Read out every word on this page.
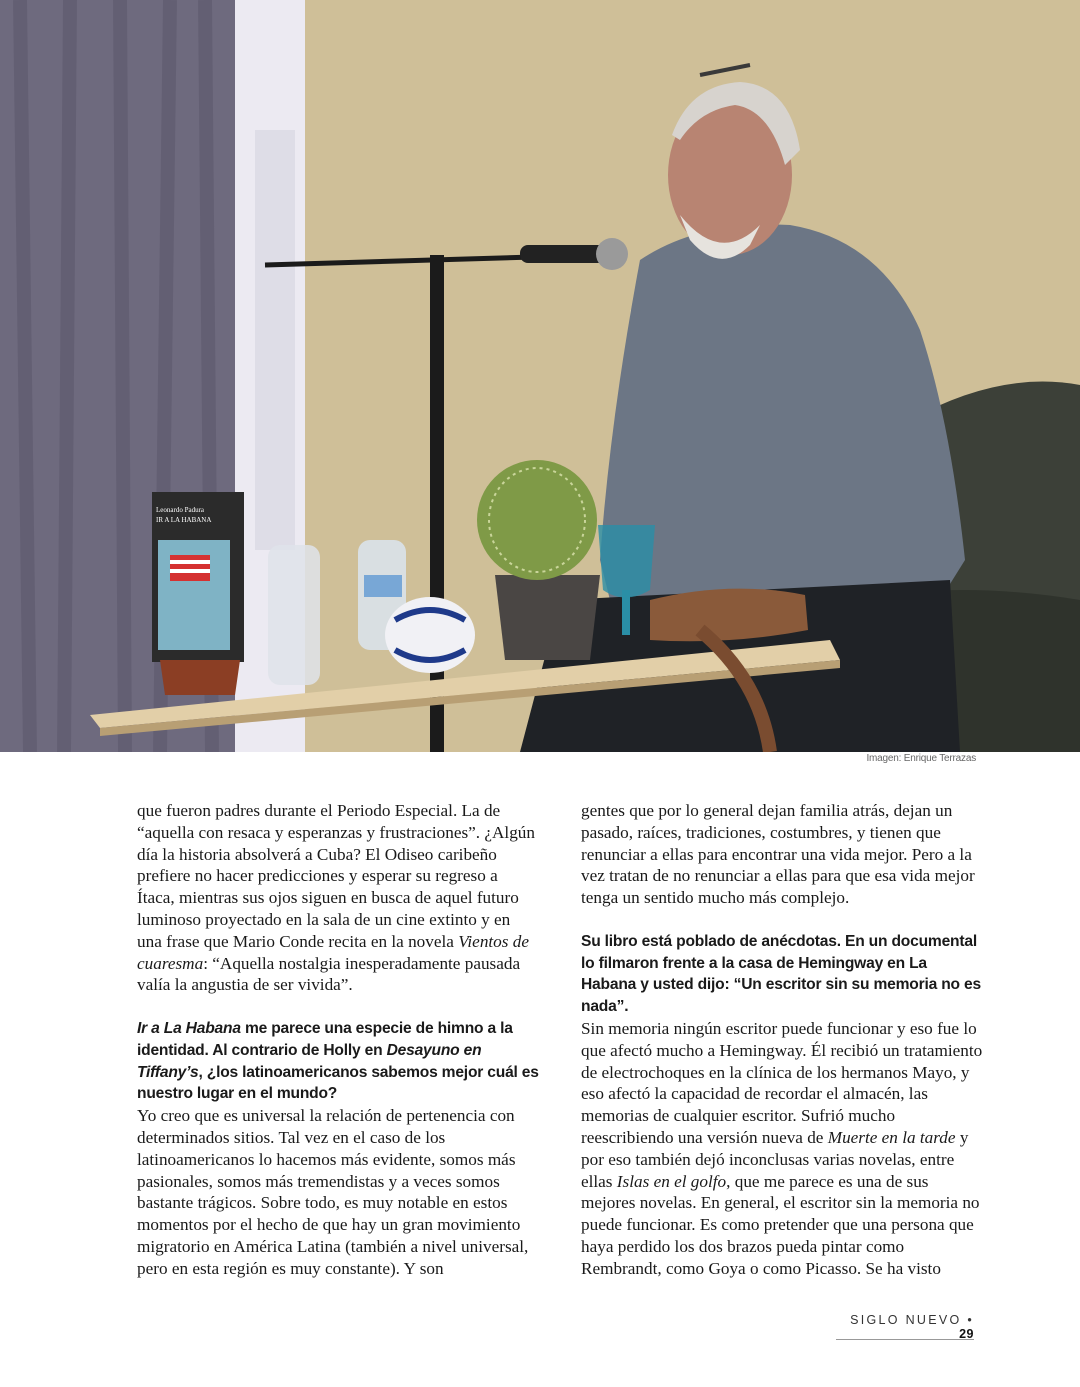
Leonardo Padura
IR A LA HABANA
Imagen: Enrique Terrazas

que fueron padres durante el Periodo Especial. La de “aquella con resaca y esperanzas y frustraciones”. ¿Algún día la historia absolverá a Cuba? El Odiseo caribeño prefiere no hacer predicciones y esperar su regreso a Ítaca, mientras sus ojos siguen en busca de aquel futuro luminoso proyectado en la sala de un cine extinto y en una frase que Mario Conde recita en la novela Vientos de cuaresma: “Aquella nostalgia inesperadamente pausada valía la angustia de ser vivida”.

Ir a La Habana me parece una especie de himno a la identidad. Al contrario de Holly en Desayuno en Tiffany’s, ¿los latinoamericanos sabemos mejor cuál es nuestro lugar en el mundo?

Yo creo que es universal la relación de pertenencia con determinados sitios. Tal vez en el caso de los latinoamericanos lo hacemos más evidente, somos más pasionales, somos más tremendistas y a veces somos bastante trágicos. Sobre todo, es muy notable en estos momentos por el hecho de que hay un gran movimiento migratorio en América Latina (también a nivel universal, pero en esta región es muy constante). Y son

gentes que por lo general dejan familia atrás, dejan un pasado, raíces, tradiciones, costumbres, y tienen que renunciar a ellas para encontrar una vida mejor. Pero a la vez tratan de no renunciar a ellas para que esa vida mejor tenga un sentido mucho más complejo.

Su libro está poblado de anécdotas. En un documental lo filmaron frente a la casa de Hemingway en La Habana y usted dijo: “Un escritor sin su memoria no es nada”.

Sin memoria ningún escritor puede funcionar y eso fue lo que afectó mucho a Hemingway. Él recibió un tratamiento de electrochoques en la clínica de los hermanos Mayo, y eso afectó la capacidad de recordar el almacén, las memorias de cualquier escritor. Sufrió mucho reescribiendo una versión nueva de Muerte en la tarde y por eso también dejó inconclusas varias novelas, entre ellas Islas en el golfo, que me parece es una de sus mejores novelas. En general, el escritor sin la memoria no puede funcionar. Es como pretender que una persona que haya perdido los dos brazos pueda pintar como Rembrandt, como Goya o como Picasso. Se ha visto

SIGLO NUEVO • 29
